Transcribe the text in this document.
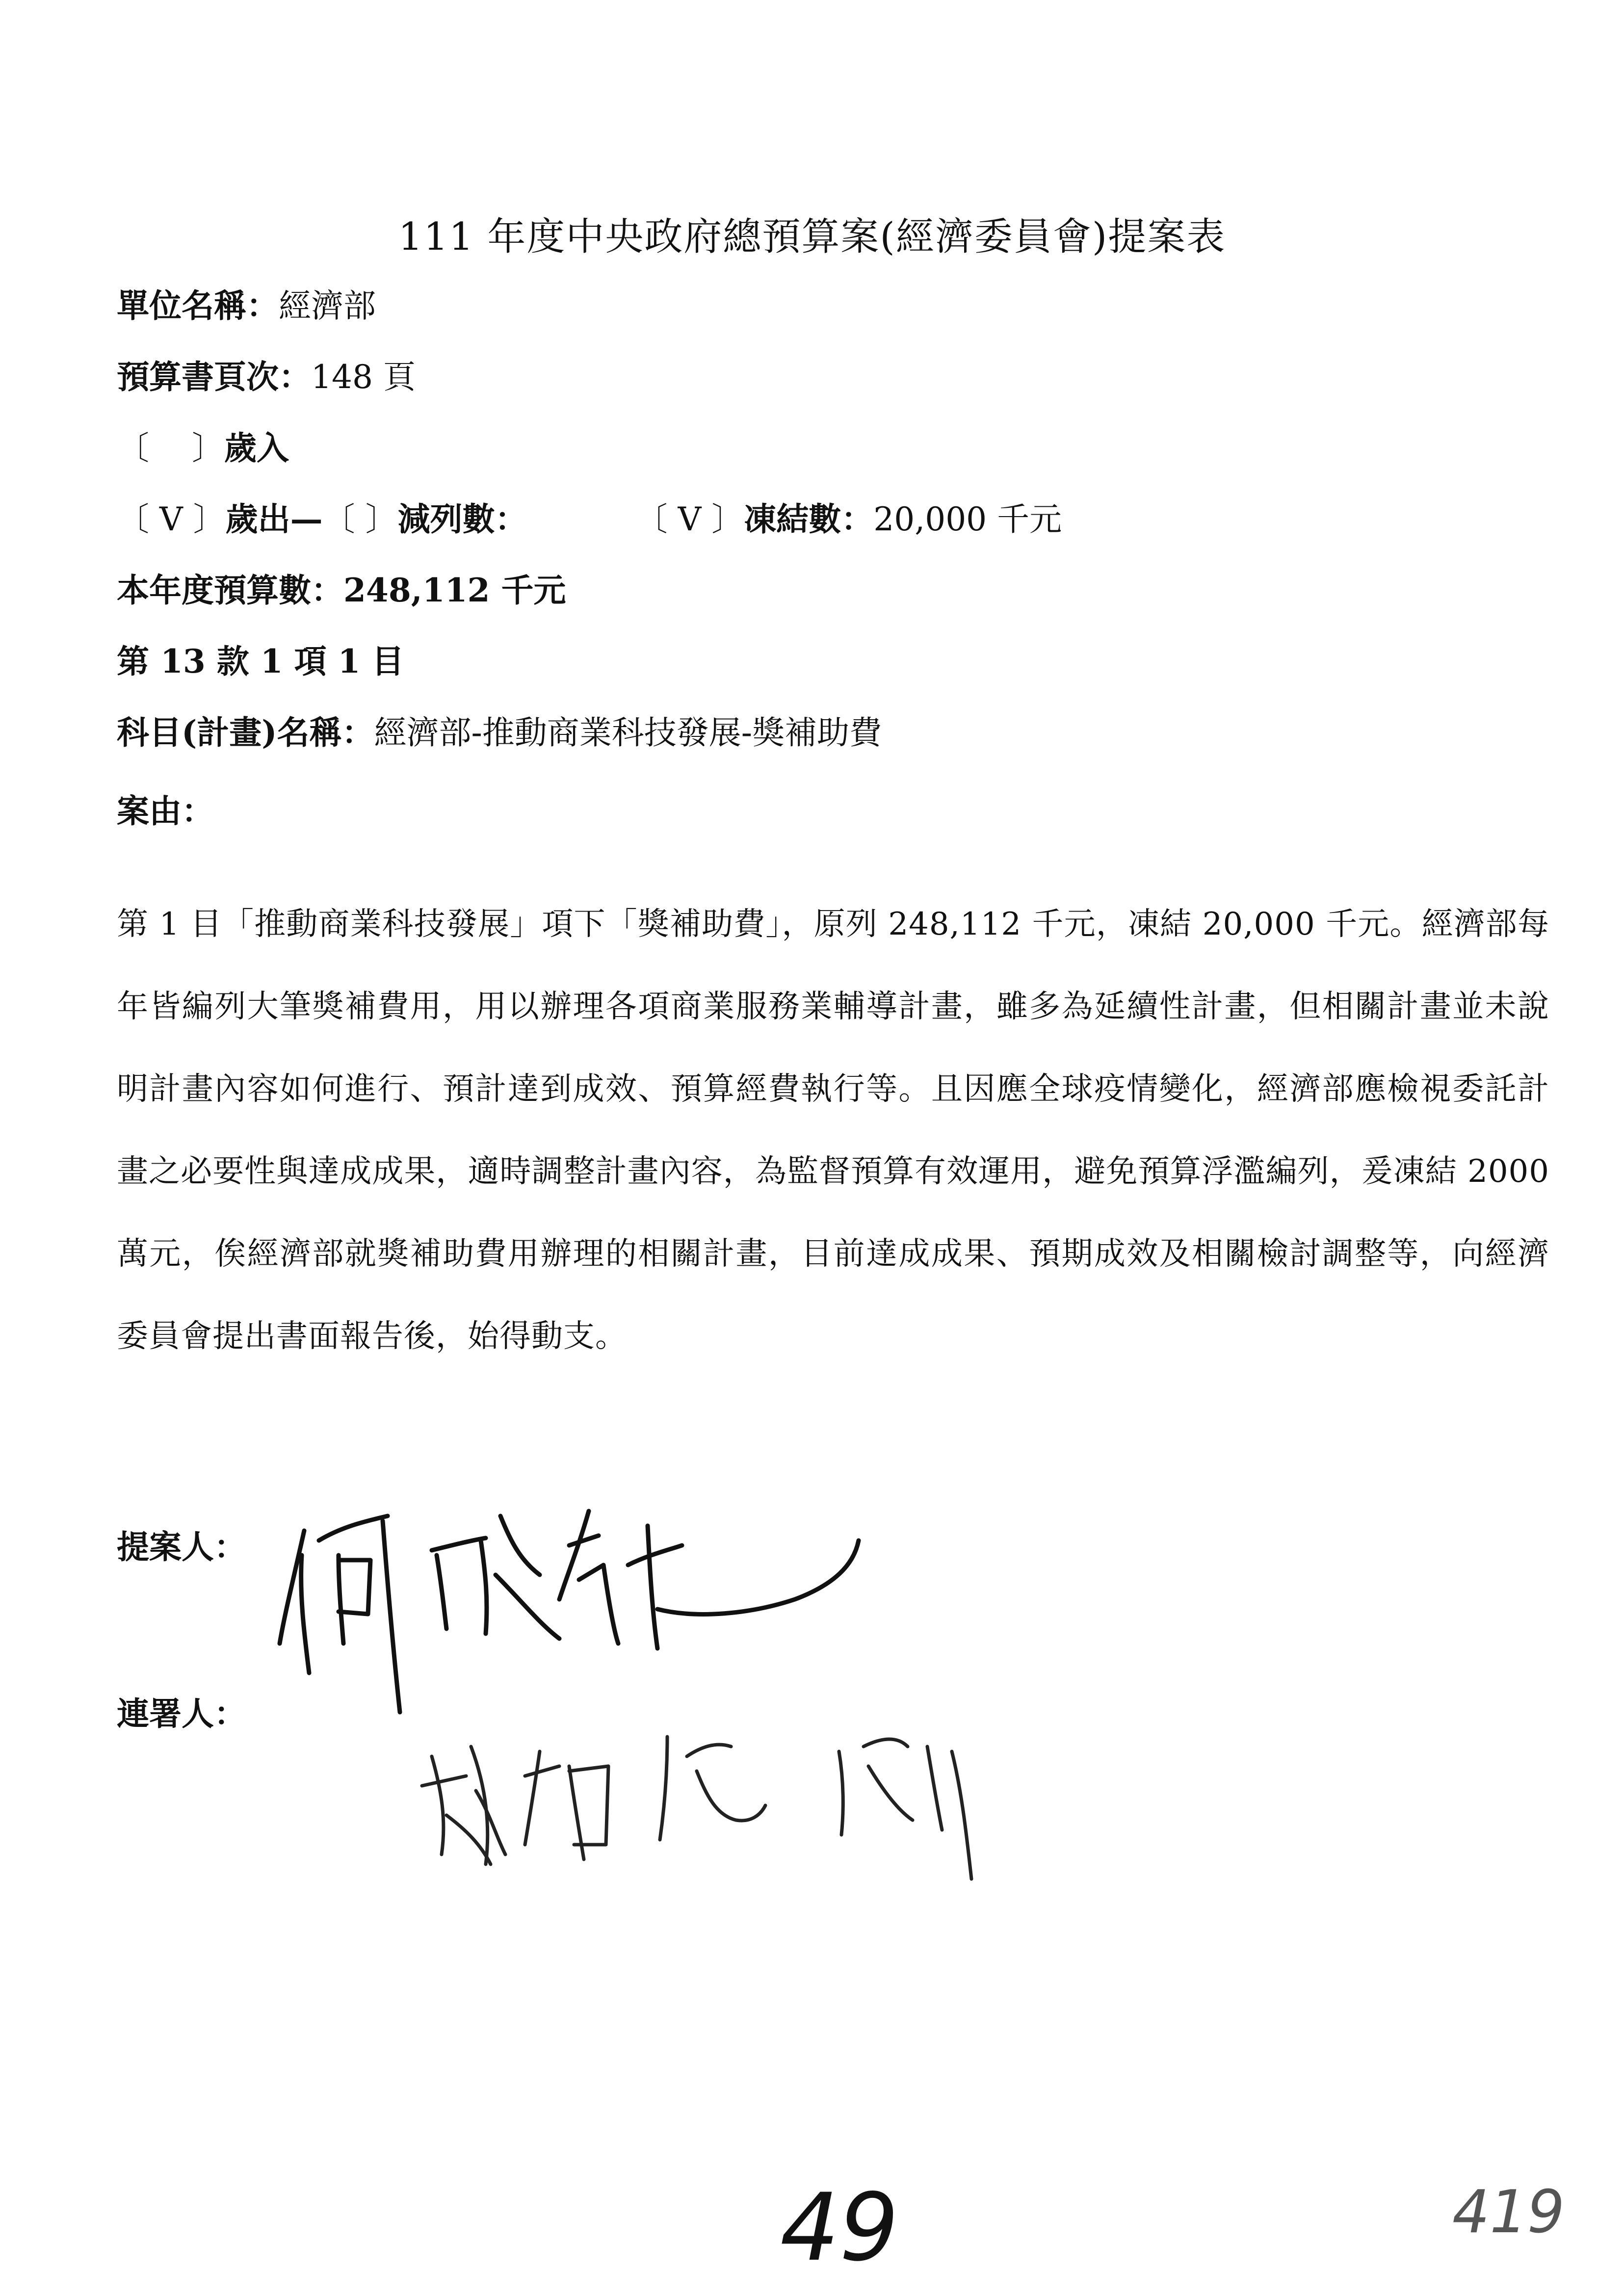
111 年度中央政府總預算案(經濟委員會)提案表
單位名稱：經濟部
預算書頁次：148 頁
〔　 〕歲入
〔 V 〕歲出—〔 〕減列數：	〔 V 〕凍結數：20,000 千元
本年度預算數：248,112 千元
第 13 款 1 項 1 目
科目(計畫)名稱：經濟部-推動商業科技發展-獎補助費
案由：
第 1 目「推動商業科技發展」項下「獎補助費」，原列 248,112 千元，凍結 20,000 千元。經濟部每年皆編列大筆獎補費用，用以辦理各項商業服務業輔導計畫，雖多為延續性計畫，但相關計畫並未說明計畫內容如何進行、預計達到成效、預算經費執行等。且因應全球疫情變化，經濟部應檢視委託計畫之必要性與達成成果，適時調整計畫內容，為監督預算有效運用，避免預算浮濫編列，爰凍結 2000 萬元，俟經濟部就獎補助費用辦理的相關計畫，目前達成成果、預期成效及相關檢討調整等，向經濟委員會提出書面報告後，始得動支。
提案人：
連署人：
49	419
